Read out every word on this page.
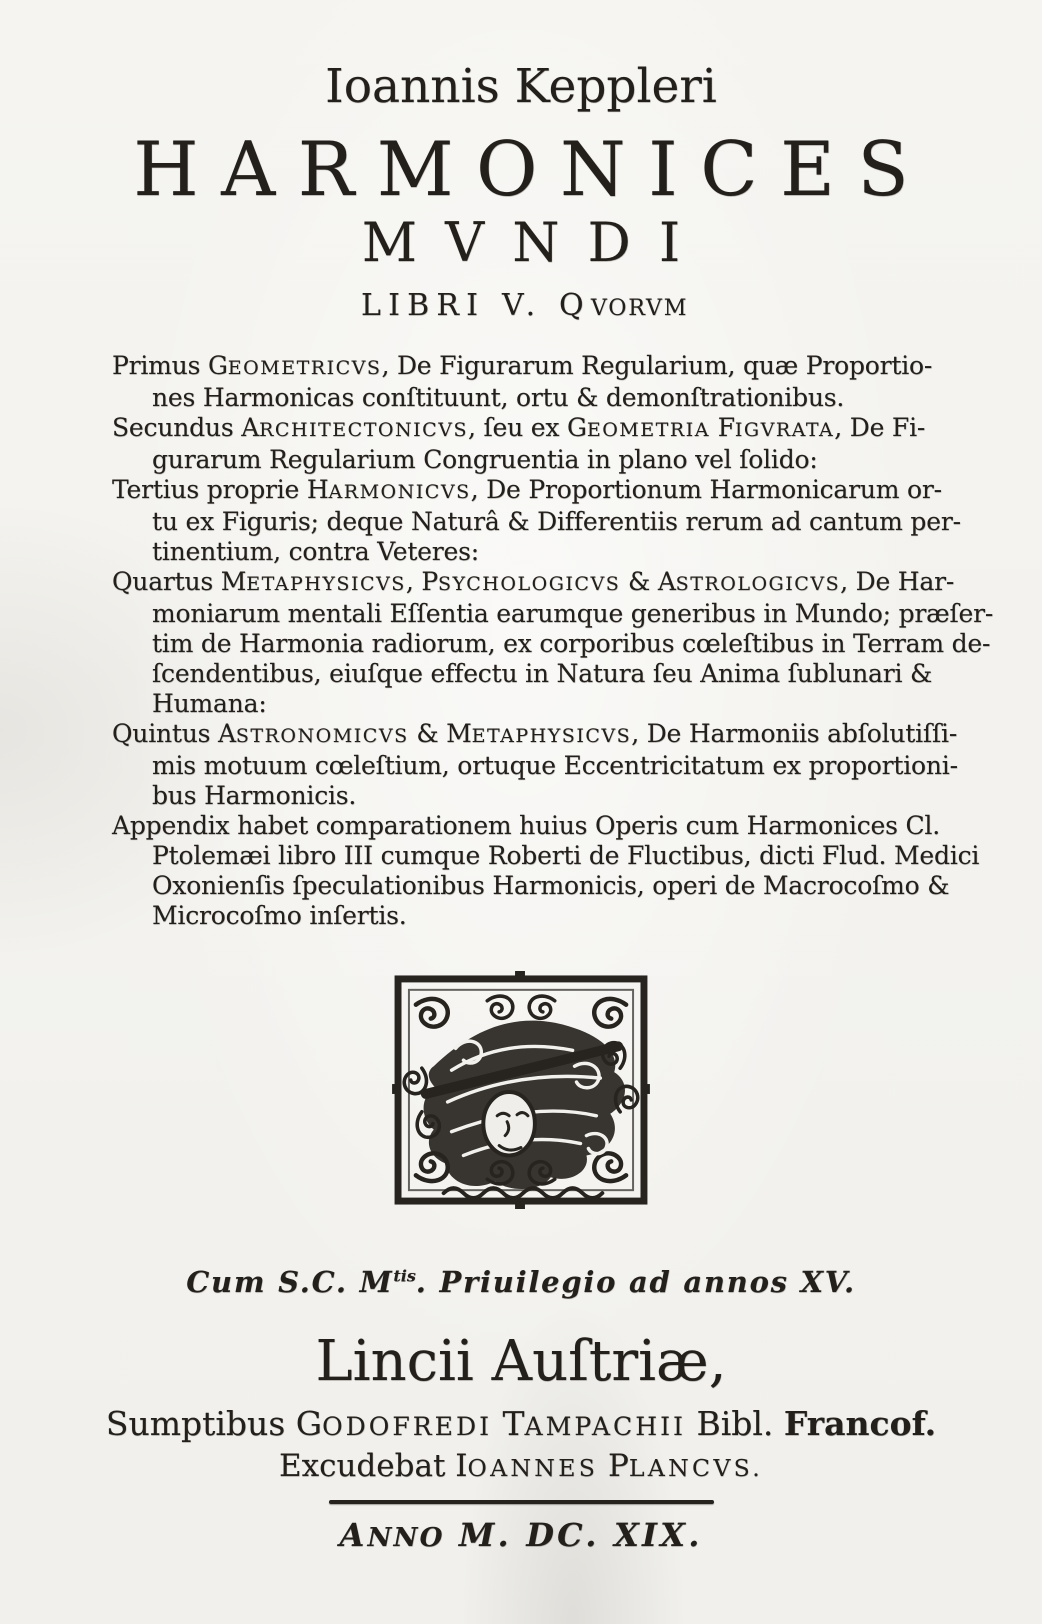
Ioannis Keppleri
HARMONICES
MVNDI
LIBRI V. QVORVM
Primus GEOMETRICVS, De Figurarum Regularium, quæ Proportio-
nes Harmonicas conſtituunt, ortu & demonſtrationibus.
Secundus ARCHITECTONICVS, ſeu ex GEOMETRIA FIGVRATA, De Fi-
gurarum Regularium Congruentia in plano vel ſolido:
Tertius proprie HARMONICVS, De Proportionum Harmonicarum or-
tu ex Figuris; deque Naturâ & Differentiis rerum ad cantum per-
tinentium, contra Veteres:
Quartus METAPHYSICVS, PSYCHOLOGICVS & ASTROLOGICVS, De Har-
moniarum mentali Eſſentia earumque generibus in Mundo; præſer-
tim de Harmonia radiorum, ex corporibus cœleſtibus in Terram de-
ſcendentibus, eiuſque effectu in Natura ſeu Anima ſublunari &
Humana:
Quintus ASTRONOMICVS & METAPHYSICVS, De Harmoniis abſolutiſſi-
mis motuum cœleſtium, ortuque Eccentricitatum ex proportioni-
bus Harmonicis.
Appendix habet comparationem huius Operis cum Harmonices Cl.
Ptolemæi libro III cumque Roberti de Fluctibus, dicti Flud. Medici
Oxonienſis ſpeculationibus Harmonicis, operi de Macrocoſmo &
Microcoſmo inſertis.
Cum S.C. $M^{tis}$. Priuilegio ad annos XV.
Lincii Auſtriæ,
Sumptibus GODOFREDI TAMPACHII Bibl. Francof.
Excudebat IOANNES PLANCVS.
ANNO M. DC. XIX.
